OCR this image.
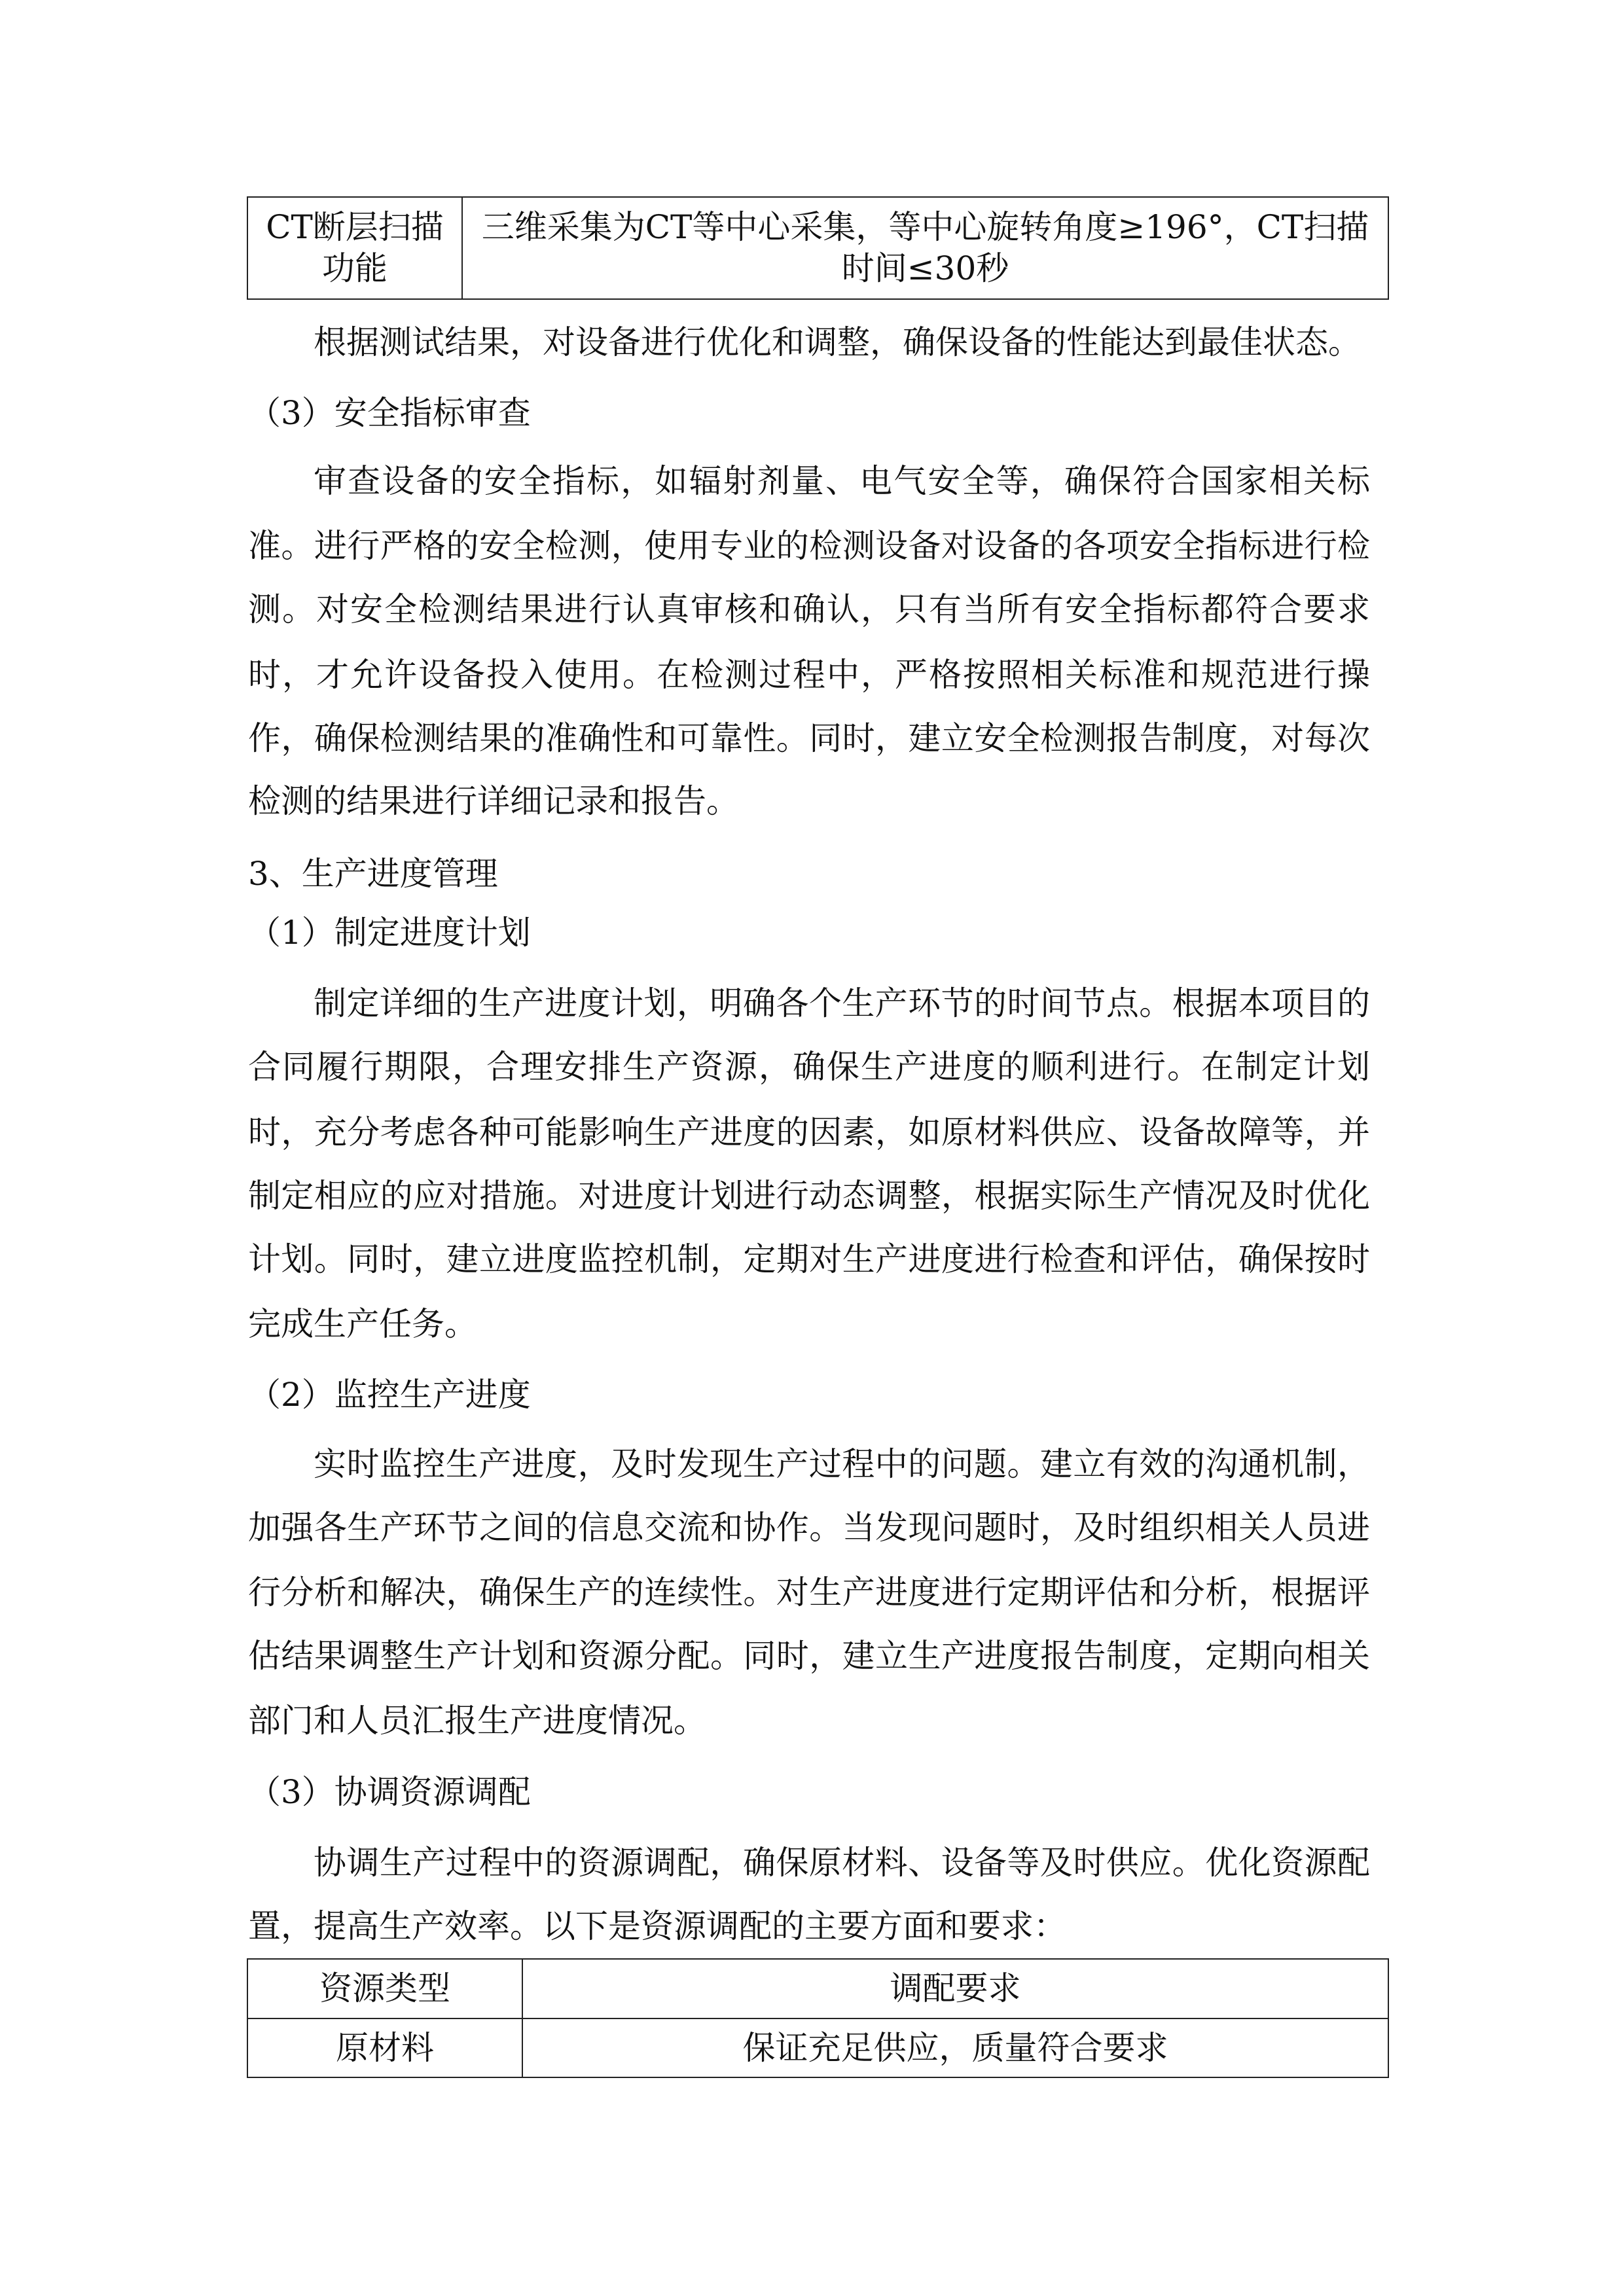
CT断层扫描功能	三维采集为CT等中心采集，等中心旋转角度≥196°，CT扫描时间≤30秒
根据测试结果，对设备进行优化和调整，确保设备的性能达到最佳状态。
（3）安全指标审查
审查设备的安全指标，如辐射剂量、电气安全等，确保符合国家相关标
准。进行严格的安全检测，使用专业的检测设备对设备的各项安全指标进行检
测。对安全检测结果进行认真审核和确认，只有当所有安全指标都符合要求
时，才允许设备投入使用。在检测过程中，严格按照相关标准和规范进行操
作，确保检测结果的准确性和可靠性。同时，建立安全检测报告制度，对每次
检测的结果进行详细记录和报告。
3、生产进度管理
（1）制定进度计划
制定详细的生产进度计划，明确各个生产环节的时间节点。根据本项目的
合同履行期限，合理安排生产资源，确保生产进度的顺利进行。在制定计划
时，充分考虑各种可能影响生产进度的因素，如原材料供应、设备故障等，并
制定相应的应对措施。对进度计划进行动态调整，根据实际生产情况及时优化
计划。同时，建立进度监控机制，定期对生产进度进行检查和评估，确保按时
完成生产任务。
（2）监控生产进度
实时监控生产进度，及时发现生产过程中的问题。建立有效的沟通机制，
加强各生产环节之间的信息交流和协作。当发现问题时，及时组织相关人员进
行分析和解决，确保生产的连续性。对生产进度进行定期评估和分析，根据评
估结果调整生产计划和资源分配。同时，建立生产进度报告制度，定期向相关
部门和人员汇报生产进度情况。
（3）协调资源调配
协调生产过程中的资源调配，确保原材料、设备等及时供应。优化资源配
置，提高生产效率。以下是资源调配的主要方面和要求：
资源类型	调配要求
原材料	保证充足供应，质量符合要求
